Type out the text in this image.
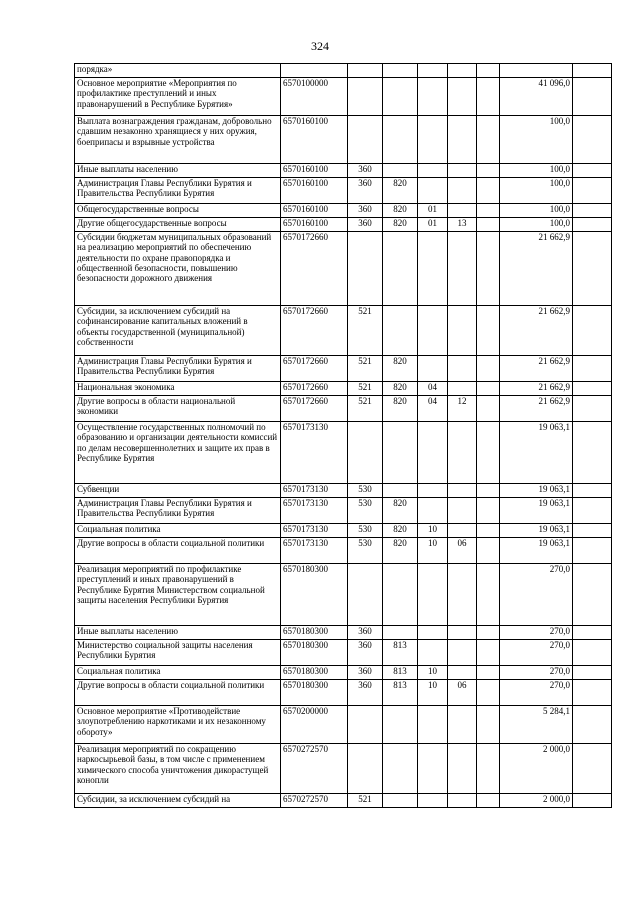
324
порядка»								
Основное мероприятие «Мероприятия по профилактике преступлений и иных правонарушений в Республике Бурятия»	6570100000						41 096,0	
Выплата вознаграждения гражданам, добровольно сдавшим незаконно хранящиеся у них оружия, боеприпасы и взрывные устройства	6570160100						100,0	
Иные выплаты населению	6570160100	360					100,0	
Администрация Главы Республики Бурятия и Правительства Республики Бурятия	6570160100	360	820				100,0	
Общегосударственные вопросы	6570160100	360	820	01			100,0	
Другие общегосударственные вопросы	6570160100	360	820	01	13		100,0	
Субсидии бюджетам муниципальных образований на реализацию мероприятий по обеспечению деятельности по охране правопорядка и общественной безопасности, повышению безопасности дорожного движения	6570172660						21 662,9	
Субсидии, за исключением субсидий на софинансирование капитальных вложений в объекты государственной (муниципальной) собственности	6570172660	521					21 662,9	
Администрация Главы Республики Бурятия и Правительства Республики Бурятия	6570172660	521	820				21 662,9	
Национальная экономика	6570172660	521	820	04			21 662,9	
Другие вопросы в области национальной экономики	6570172660	521	820	04	12		21 662,9	
Осуществление государственных полномочий по образованию и организации деятельности комиссий по делам несовершеннолетних и защите их прав в Республике Бурятия	6570173130						19 063,1	
Субвенции	6570173130	530					19 063,1	
Администрация Главы Республики Бурятия и Правительства Республики Бурятия	6570173130	530	820				19 063,1	
Социальная политика	6570173130	530	820	10			19 063,1	
Другие вопросы в области социальной политики	6570173130	530	820	10	06		19 063,1	
Реализация мероприятий по профилактике преступлений и иных правонарушений в Республике Бурятия Министерством социальной защиты населения Республики Бурятия	6570180300						270,0	
Иные выплаты населению	6570180300	360					270,0	
Министерство социальной защиты населения Республики Бурятия	6570180300	360	813				270,0	
Социальная политика	6570180300	360	813	10			270,0	
Другие вопросы в области социальной политики	6570180300	360	813	10	06		270,0	
Основное мероприятие «Противодействие злоупотреблению наркотиками и их незаконному обороту»	6570200000						5 284,1	
Реализация мероприятий по сокращению наркосырьевой базы, в том числе с применением химического способа уничтожения дикорастущей конопли	6570272570						2 000,0	
Субсидии, за исключением субсидий на	6570272570	521					2 000,0	
